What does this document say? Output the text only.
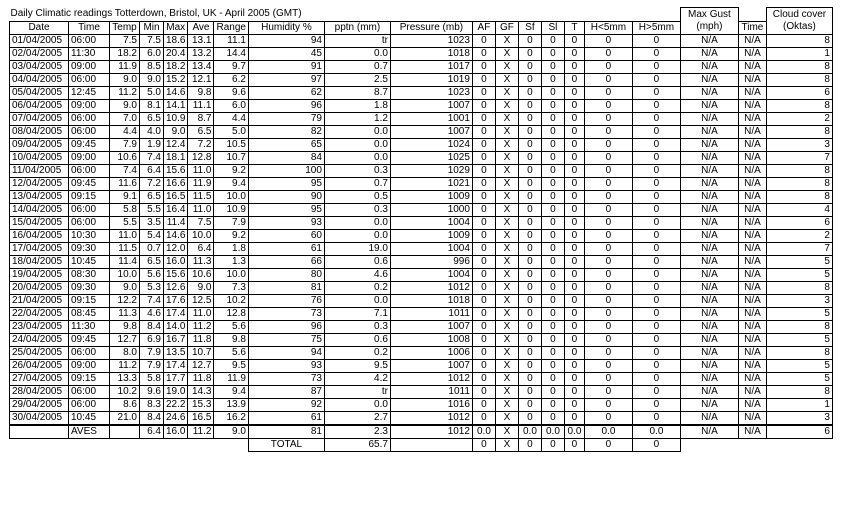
Daily Climatic readings Totterdown, Bristol, UK - April 2005 (GMT)																	Max Gust		Cloud cover
Date	Time	Temp	Min	Max	Ave	Range	Humidity %	pptn (mm)	Pressure (mb)	AF	GF	Sf	Sl	T	H<5mm	H>5mm	(mph)	Time	(Oktas)
01/04/2005	06:00	7.5	7.5	18.6	13.1	11.1	94	tr	1023	0	X	0	0	0	0	0	N/A	N/A	8
02/04/2005	11:30	18.2	6.0	20.4	13.2	14.4	45	0.0	1018	0	X	0	0	0	0	0	N/A	N/A	1
03/04/2005	09:00	11.9	8.5	18.2	13.4	9.7	91	0.7	1017	0	X	0	0	0	0	0	N/A	N/A	8
04/04/2005	06:00	9.0	9.0	15.2	12.1	6.2	97	2.5	1019	0	X	0	0	0	0	0	N/A	N/A	8
05/04/2005	12:45	11.2	5.0	14.6	9.8	9.6	62	8.7	1023	0	X	0	0	0	0	0	N/A	N/A	6
06/04/2005	09:00	9.0	8.1	14.1	11.1	6.0	96	1.8	1007	0	X	0	0	0	0	0	N/A	N/A	8
07/04/2005	06:00	7.0	6.5	10.9	8.7	4.4	79	1.2	1001	0	X	0	0	0	0	0	N/A	N/A	2
08/04/2005	06:00	4.4	4.0	9.0	6.5	5.0	82	0.0	1007	0	X	0	0	0	0	0	N/A	N/A	8
09/04/2005	09:45	7.9	1.9	12.4	7.2	10.5	65	0.0	1024	0	X	0	0	0	0	0	N/A	N/A	3
10/04/2005	09:00	10.6	7.4	18.1	12.8	10.7	84	0.0	1025	0	X	0	0	0	0	0	N/A	N/A	7
11/04/2005	06:00	7.4	6.4	15.6	11.0	9.2	100	0.3	1029	0	X	0	0	0	0	0	N/A	N/A	8
12/04/2005	09:45	11.6	7.2	16.6	11.9	9.4	95	0.7	1021	0	X	0	0	0	0	0	N/A	N/A	8
13/04/2005	09:15	9.1	6.5	16.5	11.5	10.0	90	0.5	1009	0	X	0	0	0	0	0	N/A	N/A	8
14/04/2005	06:00	5.8	5.5	16.4	11.0	10.9	95	0.3	1000	0	X	0	0	0	0	0	N/A	N/A	4
15/04/2005	06:00	5.5	3.5	11.4	7.5	7.9	93	0.0	1004	0	X	0	0	0	0	0	N/A	N/A	6
16/04/2005	10:30	11.0	5.4	14.6	10.0	9.2	60	0.0	1009	0	X	0	0	0	0	0	N/A	N/A	2
17/04/2005	09:30	11.5	0.7	12.0	6.4	1.8	61	19.0	1004	0	X	0	0	0	0	0	N/A	N/A	7
18/04/2005	10:45	11.4	6.5	16.0	11.3	1.3	66	0.6	996	0	X	0	0	0	0	0	N/A	N/A	5
19/04/2005	08:30	10.0	5.6	15.6	10.6	10.0	80	4.6	1004	0	X	0	0	0	0	0	N/A	N/A	5
20/04/2005	09:30	9.0	5.3	12.6	9.0	7.3	81	0.2	1012	0	X	0	0	0	0	0	N/A	N/A	8
21/04/2005	09:15	12.2	7.4	17.6	12.5	10.2	76	0.0	1018	0	X	0	0	0	0	0	N/A	N/A	3
22/04/2005	08:45	11.3	4.6	17.4	11.0	12.8	73	7.1	1011	0	X	0	0	0	0	0	N/A	N/A	5
23/04/2005	11:30	9.8	8.4	14.0	11.2	5.6	96	0.3	1007	0	X	0	0	0	0	0	N/A	N/A	8
24/04/2005	09:45	12.7	6.9	16.7	11.8	9.8	75	0.6	1008	0	X	0	0	0	0	0	N/A	N/A	5
25/04/2005	06:00	8.0	7.9	13.5	10.7	5.6	94	0.2	1006	0	X	0	0	0	0	0	N/A	N/A	8
26/04/2005	09:00	11.2	7.9	17.4	12.7	9.5	93	9.5	1007	0	X	0	0	0	0	0	N/A	N/A	5
27/04/2005	09:15	13.3	5.8	17.7	11.8	11.9	73	4.2	1012	0	X	0	0	0	0	0	N/A	N/A	5
28/04/2005	06:00	10.2	9.6	19.0	14.3	9.4	87	tr	1011	0	X	0	0	0	0	0	N/A	N/A	8
29/04/2005	06:00	8.6	8.3	22.2	15.3	13.9	92	0.0	1016	0	X	0	0	0	0	0	N/A	N/A	1
30/04/2005	10:45	21.0	8.4	24.6	16.5	16.2	61	2.7	1012	0	X	0	0	0	0	0	N/A	N/A	3
	AVES		6.4	16.0	11.2	9.0	81	2.3	1012	0.0	X	0.0	0.0	0.0	0.0	0.0	N/A	N/A	6
							TOTAL	65.7		0	X	0	0	0	0	0			
